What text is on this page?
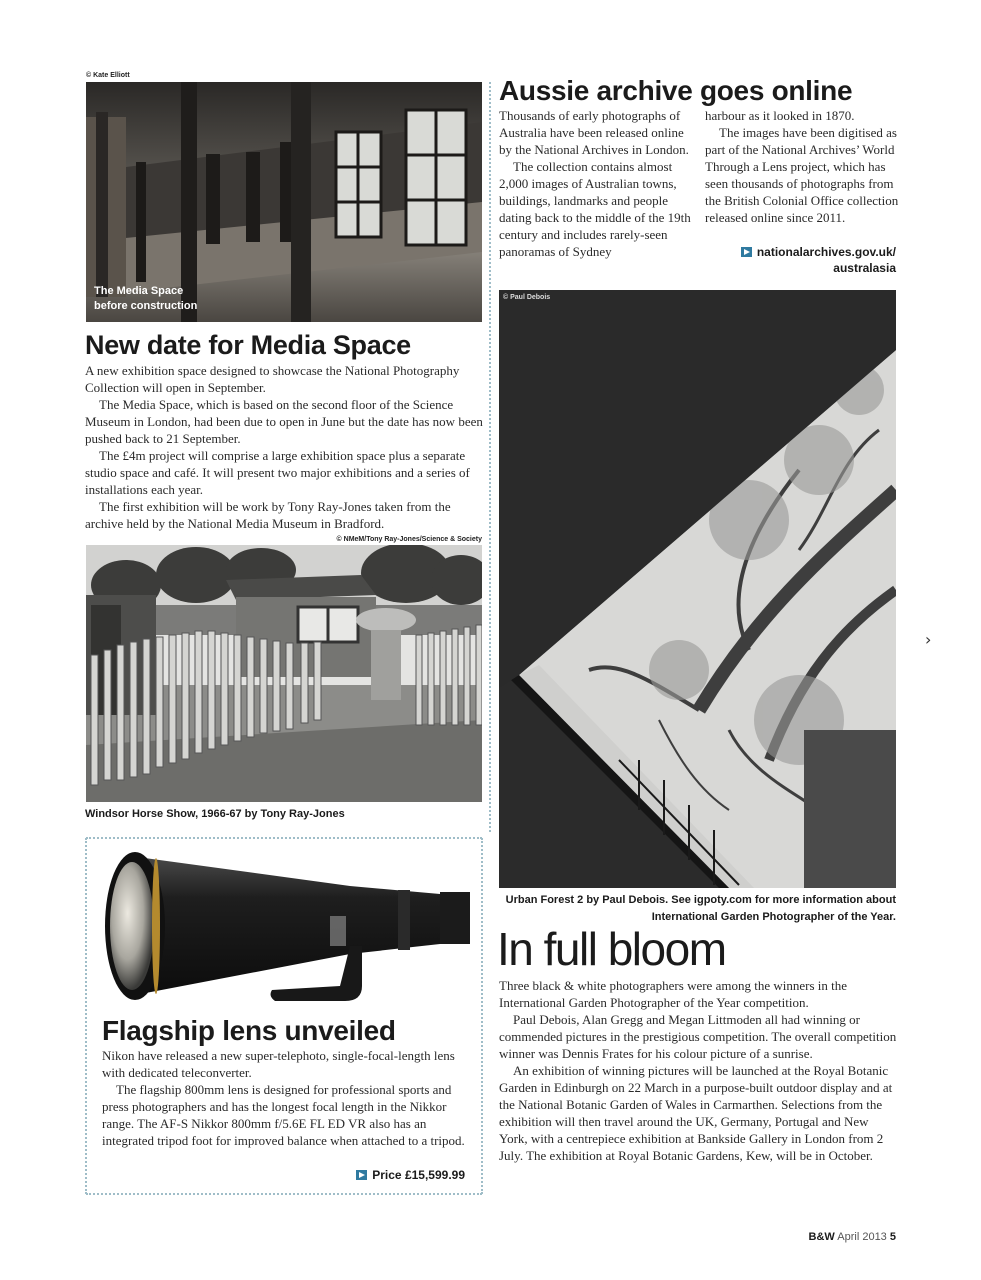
© Kate Elliott
The Media Space
before construction
Aussie archive goes online

Thousands of early photographs of Australia have been released online by the National Archives in London.

The collection contains almost 2,000 images of Australian towns, buildings, landmarks and people dating back to the middle of the 19th century and includes rarely-seen panoramas of Sydney

harbour as it looked in 1870.

The images have been digitised as part of the National Archives’ World Through a Lens project, which has seen thousands of photographs from the British Colonial Office collection released online since 2011.

nationalarchives.gov.uk/
australasia
New date for Media Space

A new exhibition space designed to showcase the National Photography Collection will open in September.

The Media Space, which is based on the second floor of the Science Museum in London, had been due to open in June but the date has now been pushed back to 21 September.

The £4m project will comprise a large exhibition space plus a separate studio space and café. It will present two major exhibitions and a series of installations each year.

The first exhibition will be work by Tony Ray-Jones taken from the archive held by the National Media Museum in Bradford.

© NMeM/Tony Ray-Jones/Science & Society
Windsor Horse Show, 1966-67 by Tony Ray-Jones
© Paul Debois
Urban Forest 2 by Paul Debois. See igpoty.com for more information about
International Garden Photographer of the Year.
Flagship lens unveiled

Nikon have released a new super-telephoto, single-focal-length lens with dedicated teleconverter.

The flagship 800mm lens is designed for professional sports and press photographers and has the longest focal length in the Nikkor range. The AF-S Nikkor 800mm f/5.6E FL ED VR also has an integrated tripod foot for improved balance when attached to a tripod.

Price £15,599.99
In full bloom

Three black & white photographers were among the winners in the International Garden Photographer of the Year competition.

Paul Debois, Alan Gregg and Megan Littmoden all had winning or commended pictures in the prestigious competition. The overall competition winner was Dennis Frates for his colour picture of a sunrise.

An exhibition of winning pictures will be launched at the Royal Botanic Garden in Edinburgh on 22 March in a purpose-built outdoor display and at the National Botanic Garden of Wales in Carmarthen. Selections from the exhibition will then travel around the UK, Germany, Portugal and New York, with a centrepiece exhibition at Bankside Gallery in London from 2 July. The exhibition at Royal Botanic Gardens, Kew, will be in October.

›
B&W April 2013 5
